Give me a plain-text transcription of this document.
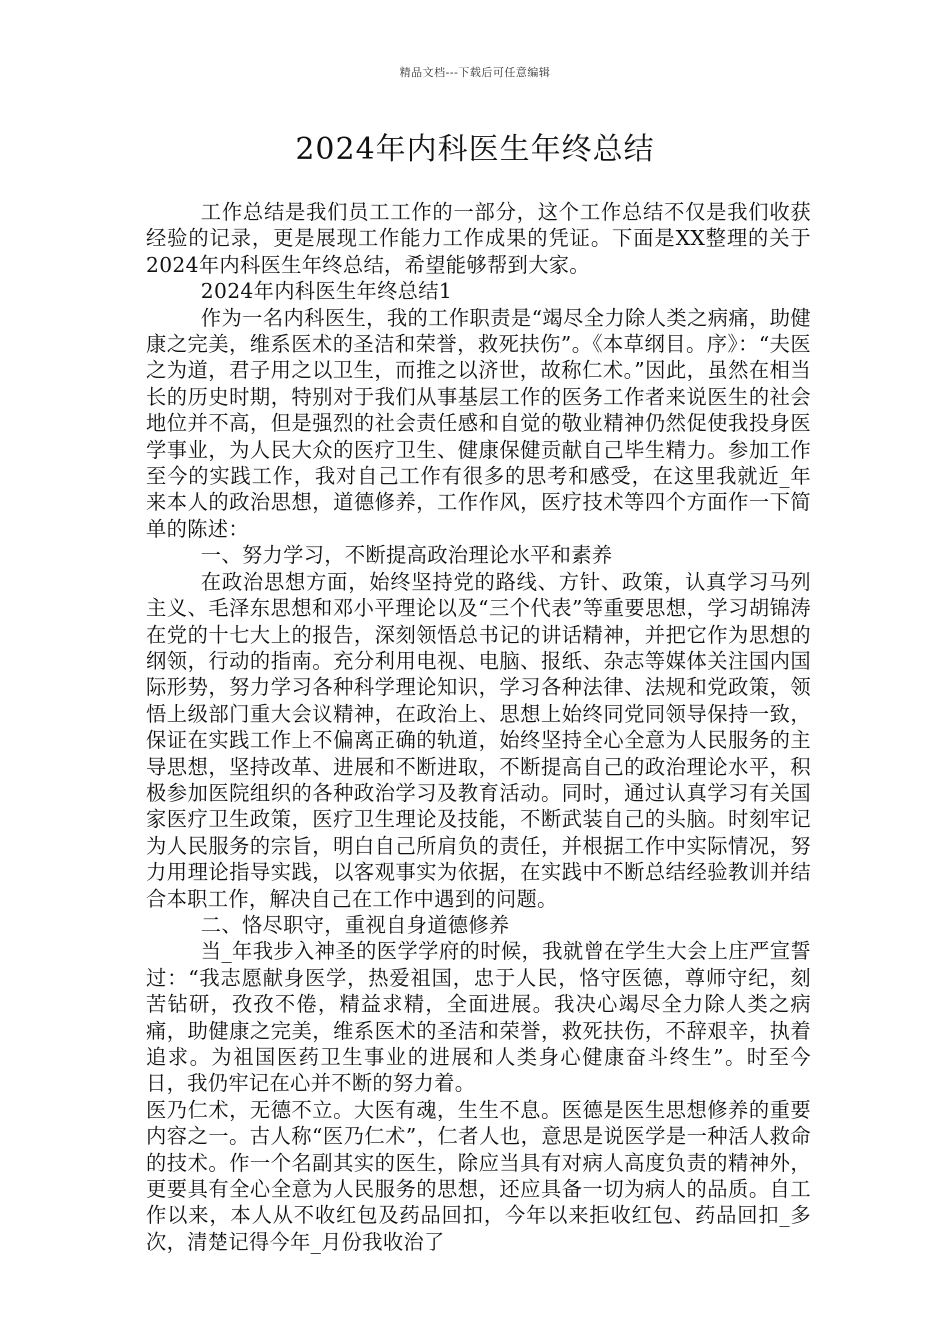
精品文档---下载后可任意编辑
2024年内科医生年终总结

工作总结是我们员工工作的一部分，这个工作总结不仅是我们收获经验的记录，更是展现工作能力工作成果的凭证。下面是XX整理的关于2024年内科医生年终总结，希望能够帮到大家。

2024年内科医生年终总结1

作为一名内科医生，我的工作职责是“竭尽全力除人类之病痛，助健康之完美，维系医术的圣洁和荣誉，救死扶伤”。《本草纲目。序》：“夫医之为道，君子用之以卫生，而推之以济世，故称仁术。”因此，虽然在相当长的历史时期，特别对于我们从事基层工作的医务工作者来说医生的社会地位并不高，但是强烈的社会责任感和自觉的敬业精神仍然促使我投身医学事业，为人民大众的医疗卫生、健康保健贡献自己毕生精力。参加工作至今的实践工作，我对自己工作有很多的思考和感受，在这里我就近_年来本人的政治思想，道德修养，工作作风，医疗技术等四个方面作一下简单的陈述：

一、努力学习，不断提高政治理论水平和素养

在政治思想方面，始终坚持党的路线、方针、政策，认真学习马列主义、毛泽东思想和邓小平理论以及“三个代表”等重要思想，学习胡锦涛在党的十七大上的报告，深刻领悟总书记的讲话精神，并把它作为思想的纲领，行动的指南。充分利用电视、电脑、报纸、杂志等媒体关注国内国际形势，努力学习各种科学理论知识，学习各种法律、法规和党政策，领悟上级部门重大会议精神，在政治上、思想上始终同党同领导保持一致，保证在实践工作上不偏离正确的轨道，始终坚持全心全意为人民服务的主导思想，坚持改革、进展和不断进取，不断提高自己的政治理论水平，积极参加医院组织的各种政治学习及教育活动。同时，通过认真学习有关国家医疗卫生政策，医疗卫生理论及技能，不断武装自己的头脑。时刻牢记为人民服务的宗旨，明白自己所肩负的责任，并根据工作中实际情况，努力用理论指导实践，以客观事实为依据，在实践中不断总结经验教训并结合本职工作，解决自己在工作中遇到的问题。

二、恪尽职守，重视自身道德修养

当_年我步入神圣的医学学府的时候，我就曾在学生大会上庄严宣誓过：“我志愿献身医学，热爱祖国，忠于人民，恪守医德，尊师守纪，刻苦钻研，孜孜不倦，精益求精，全面进展。我决心竭尽全力除人类之病痛，助健康之完美，维系医术的圣洁和荣誉，救死扶伤，不辞艰辛，执着追求。为祖国医药卫生事业的进展和人类身心健康奋斗终生”。时至今日，我仍牢记在心并不断的努力着。

医乃仁术，无德不立。大医有魂，生生不息。医德是医生思想修养的重要内容之一。古人称“医乃仁术”，仁者人也，意思是说医学是一种活人救命的技术。作一个名副其实的医生，除应当具有对病人高度负责的精神外，更要具有全心全意为人民服务的思想，还应具备一切为病人的品质。自工作以来，本人从不收红包及药品回扣，今年以来拒收红包、药品回扣_多次，清楚记得今年_月份我收治了
